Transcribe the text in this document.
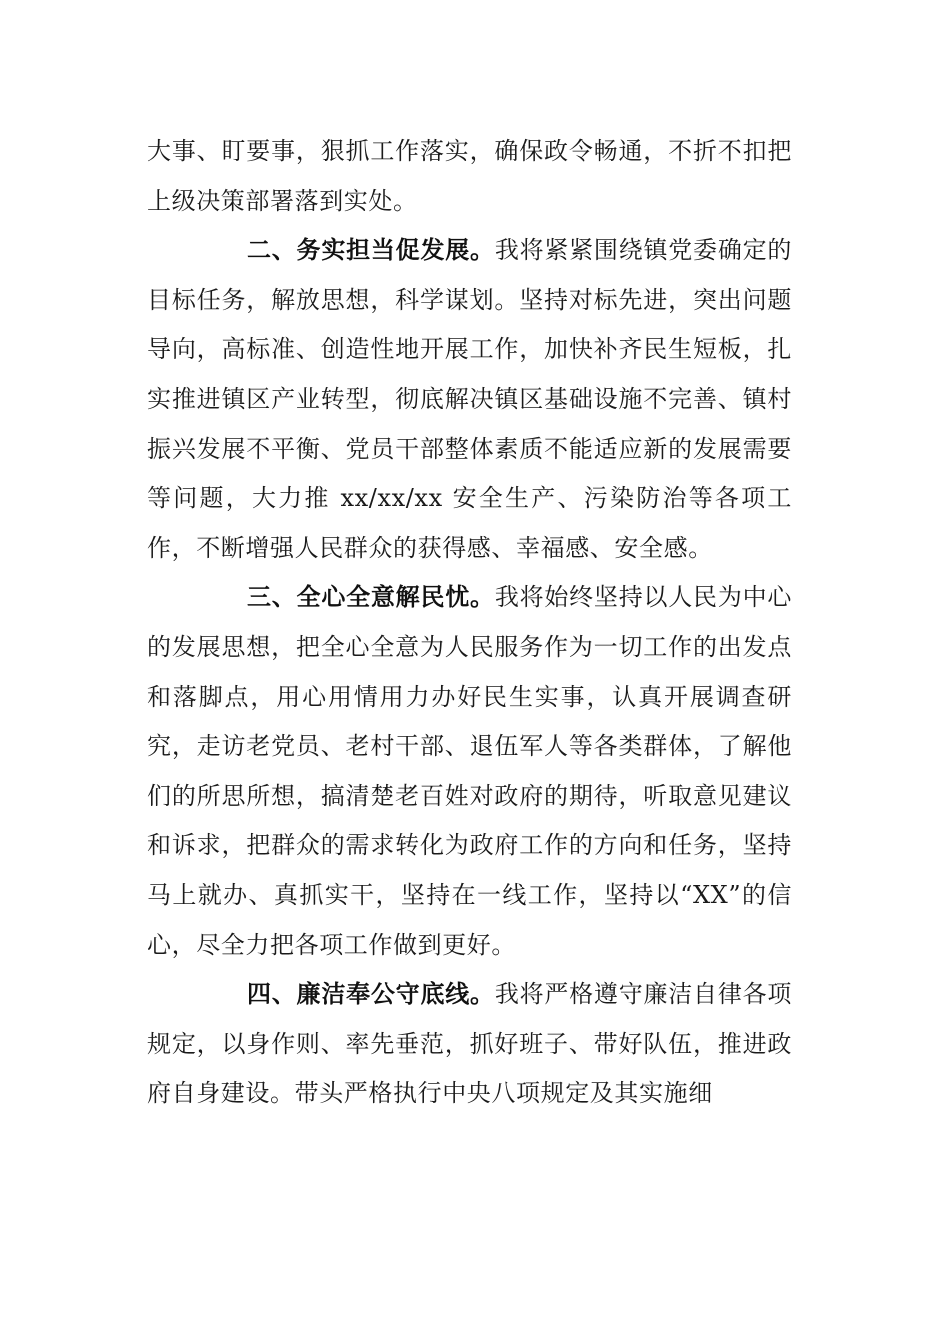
大事、盯要事，狠抓工作落实，确保政令畅通，不折不扣把上级决策部署落到实处。

二、务实担当促发展。我将紧紧围绕镇党委确定的目标任务，解放思想，科学谋划。坚持对标先进，突出问题导向，高标准、创造性地开展工作，加快补齐民生短板，扎实推进镇区产业转型，彻底解决镇区基础设施不完善、镇村振兴发展不平衡、党员干部整体素质不能适应新的发展需要等问题，大力推 xx/xx/xx 安全生产、污染防治等各项工作，不断增强人民群众的获得感、幸福感、安全感。

三、全心全意解民忧。我将始终坚持以人民为中心的发展思想，把全心全意为人民服务作为一切工作的出发点和落脚点，用心用情用力办好民生实事，认真开展调查研究，走访老党员、老村干部、退伍军人等各类群体，了解他们的所思所想，搞清楚老百姓对政府的期待，听取意见建议和诉求，把群众的需求转化为政府工作的方向和任务，坚持马上就办、真抓实干，坚持在一线工作，坚持以“XX”的信心，尽全力把各项工作做到更好。

四、廉洁奉公守底线。我将严格遵守廉洁自律各项规定，以身作则、率先垂范，抓好班子、带好队伍，推进政府自身建设。带头严格执行中央八项规定及其实施细
